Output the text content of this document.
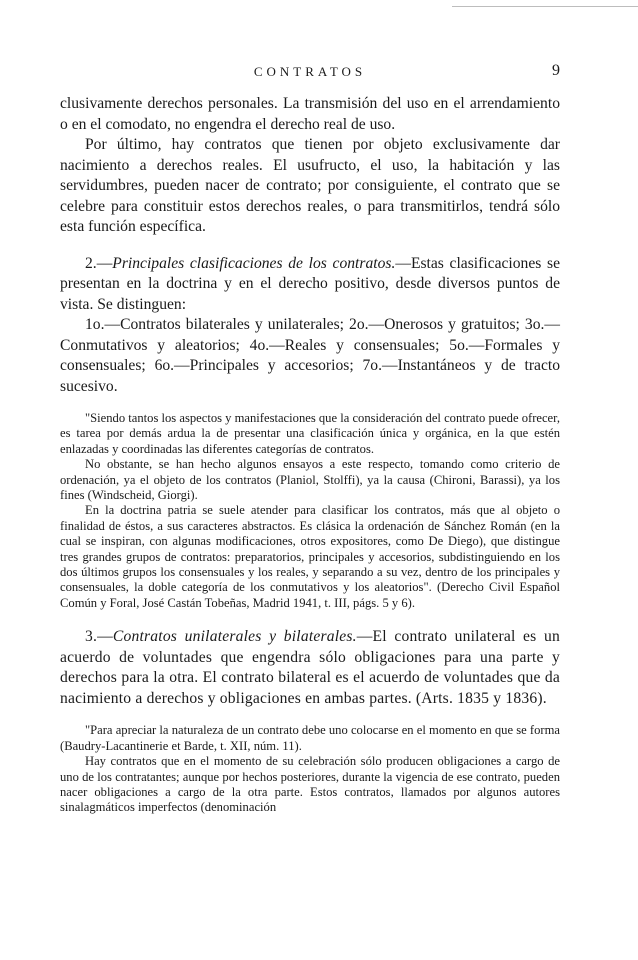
CONTRATOS	9

clusivamente derechos personales. La transmisión del uso en el arrendamiento o en el comodato, no engendra el derecho real de uso.

Por último, hay contratos que tienen por objeto exclusivamente dar nacimiento a derechos reales. El usufructo, el uso, la habitación y las servidumbres, pueden nacer de contrato; por consiguiente, el contrato que se celebre para constituir estos derechos reales, o para transmitirlos, tendrá sólo esta función específica.

2.—Principales clasificaciones de los contratos.—Estas clasificaciones se presentan en la doctrina y en el derecho positivo, desde diversos puntos de vista. Se distinguen:

1o.—Contratos bilaterales y unilaterales; 2o.—Onerosos y gratuitos; 3o.—Conmutativos y aleatorios; 4o.—Reales y consensuales; 5o.—Formales y consensuales; 6o.—Principales y accesorios; 7o.—Instantáneos y de tracto sucesivo.

"Siendo tantos los aspectos y manifestaciones que la consideración del contrato puede ofrecer, es tarea por demás ardua la de presentar una clasificación única y orgánica, en la que estén enlazadas y coordinadas las diferentes categorías de contratos.

No obstante, se han hecho algunos ensayos a este respecto, tomando como criterio de ordenación, ya el objeto de los contratos (Planiol, Stolffi), ya la causa (Chironi, Barassi), ya los fines (Windscheid, Giorgi).

En la doctrina patria se suele atender para clasificar los contratos, más que al objeto o finalidad de éstos, a sus caracteres abstractos. Es clásica la ordenación de Sánchez Román (en la cual se inspiran, con algunas modificaciones, otros expositores, como De Diego), que distingue tres grandes grupos de contratos: preparatorios, principales y accesorios, subdistinguiendo en los dos últimos grupos los consensuales y los reales, y separando a su vez, dentro de los principales y consensuales, la doble categoría de los conmutativos y los aleatorios". (Derecho Civil Español Común y Foral, José Castán Tobeñas, Madrid 1941, t. III, págs. 5 y 6).

3.—Contratos unilaterales y bilaterales.—El contrato unilateral es un acuerdo de voluntades que engendra sólo obligaciones para una parte y derechos para la otra. El contrato bilateral es el acuerdo de voluntades que da nacimiento a derechos y obligaciones en ambas partes. (Arts. 1835 y 1836).

"Para apreciar la naturaleza de un contrato debe uno colocarse en el momento en que se forma (Baudry-Lacantinerie et Barde, t. XII, núm. 11).

Hay contratos que en el momento de su celebración sólo producen obligaciones a cargo de uno de los contratantes; aunque por hechos posteriores, durante la vigencia de ese contrato, pueden nacer obligaciones a cargo de la otra parte. Estos contratos, llamados por algunos autores sinalagmáticos imperfectos (denominación
